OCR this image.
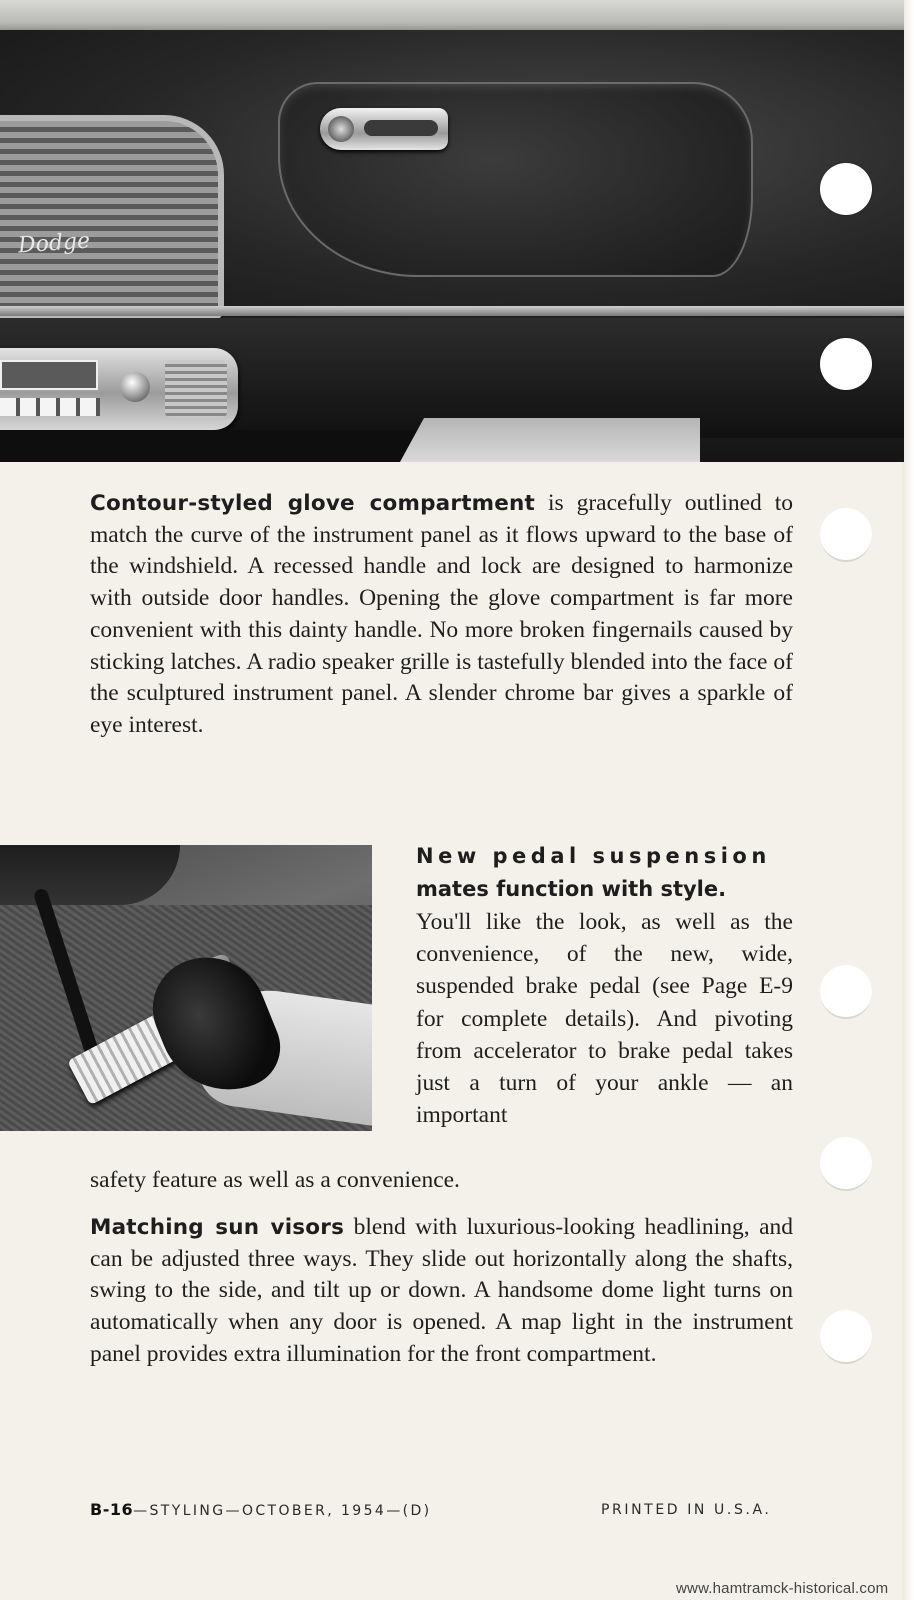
Dodge

Contour-styled glove compartment is gracefully outlined to match the curve of the instrument panel as it flows upward to the base of the windshield. A recessed handle and lock are designed to harmonize with outside door handles. Opening the glove compartment is far more convenient with this dainty handle. No more broken fingernails caused by sticking latches. A radio speaker grille is tastefully blended into the face of the sculptured instrument panel. A slender chrome bar gives a sparkle of eye interest.

New pedal suspension
mates function with style.

You'll like the look, as well as the convenience, of the new, wide, suspended brake pedal (see Page E-9 for complete details). And pivoting from accelerator to brake pedal takes just a turn of your ankle — an important

safety feature as well as a convenience.

Matching sun visors blend with luxurious-looking headlining, and can be adjusted three ways. They slide out horizontally along the shafts, swing to the side, and tilt up or down. A handsome dome light turns on automatically when any door is opened. A map light in the instrument panel provides extra illumination for the front compartment.

B-16—STYLING—OCTOBER, 1954—(D)	PRINTED IN U.S.A.
www.hamtramck-historical.com
